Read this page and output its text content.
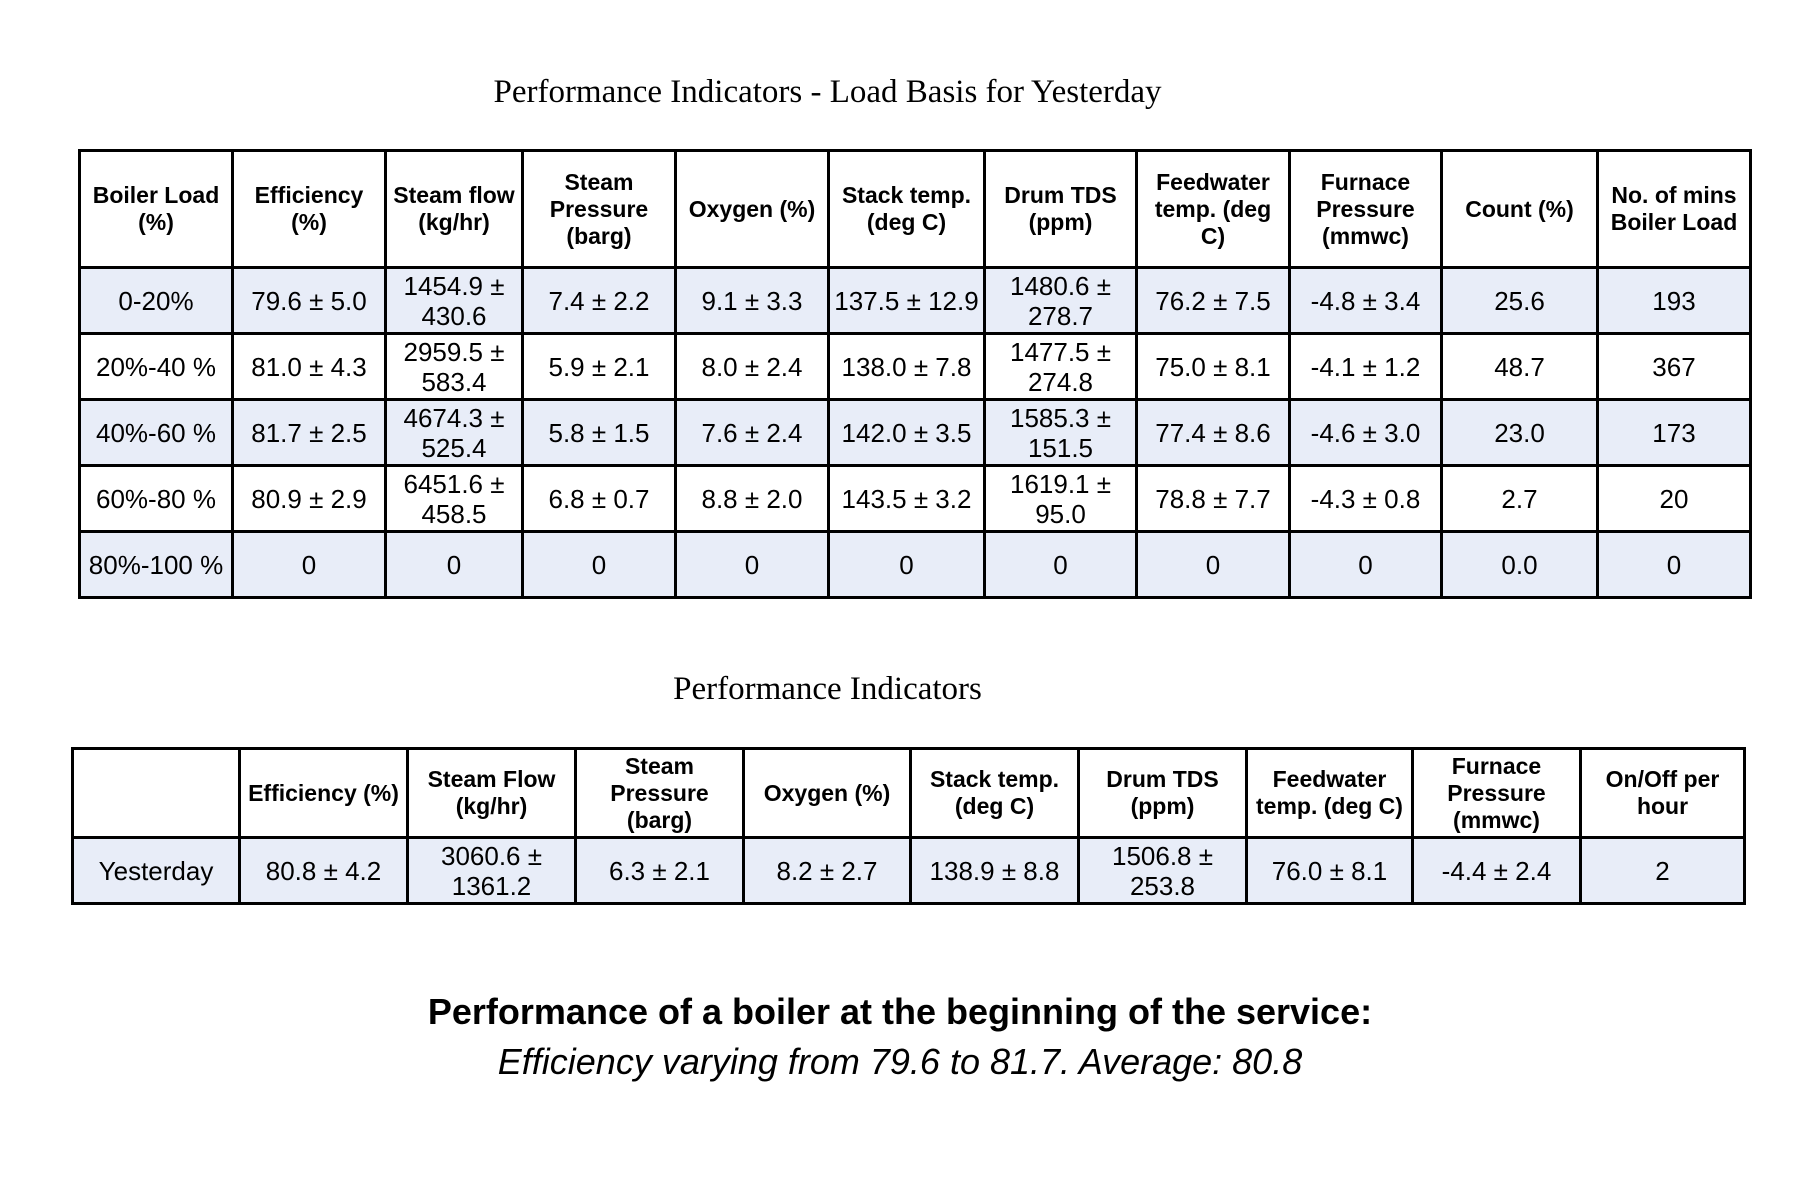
Performance Indicators - Load Basis for Yesterday
Boiler Load (%)	Efficiency (%)	Steam flow (kg/hr)	Steam Pressure (barg)	Oxygen (%)	Stack temp. (deg C)	Drum TDS (ppm)	Feedwater temp. (deg C)	Furnace Pressure (mmwc)	Count (%)	No. of mins Boiler Load
0-20%	79.6 ± 5.0	1454.9 ± 430.6	7.4 ± 2.2	9.1 ± 3.3	137.5 ± 12.9	1480.6 ± 278.7	76.2 ± 7.5	-4.8 ± 3.4	25.6	193
20%-40 %	81.0 ± 4.3	2959.5 ± 583.4	5.9 ± 2.1	8.0 ± 2.4	138.0 ± 7.8	1477.5 ± 274.8	75.0 ± 8.1	-4.1 ± 1.2	48.7	367
40%-60 %	81.7 ± 2.5	4674.3 ± 525.4	5.8 ± 1.5	7.6 ± 2.4	142.0 ± 3.5	1585.3 ± 151.5	77.4 ± 8.6	-4.6 ± 3.0	23.0	173
60%-80 %	80.9 ± 2.9	6451.6 ± 458.5	6.8 ± 0.7	8.8 ± 2.0	143.5 ± 3.2	1619.1 ± 95.0	78.8 ± 7.7	-4.3 ± 0.8	2.7	20
80%-100 %	0	0	0	0	0	0	0	0	0.0	0
Performance Indicators
	Efficiency (%)	Steam Flow (kg/hr)	Steam Pressure (barg)	Oxygen (%)	Stack temp. (deg C)	Drum TDS (ppm)	Feedwater temp. (deg C)	Furnace Pressure (mmwc)	On/Off per hour
Yesterday	80.8 ± 4.2	3060.6 ± 1361.2	6.3 ± 2.1	8.2 ± 2.7	138.9 ± 8.8	1506.8 ± 253.8	76.0 ± 8.1	-4.4 ± 2.4	2
Performance of a boiler at the beginning of the service:
Efficiency varying from 79.6 to 81.7. Average: 80.8
